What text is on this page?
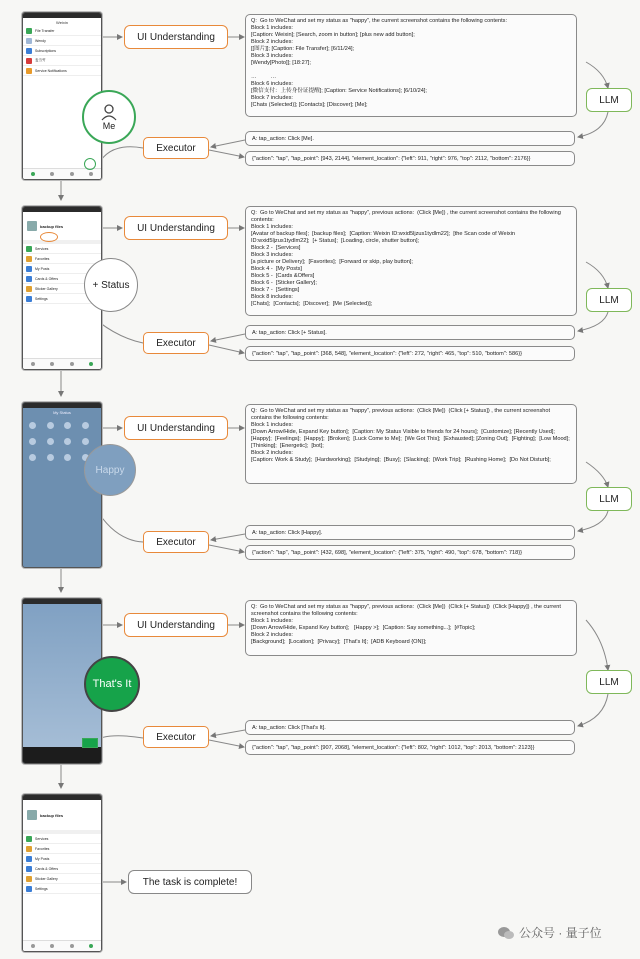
Weixin
File Transfer
Wendy
Subscriptions
麦当劳
Service Notifications
Me
UI Understanding

Q:  Go to WeChat and set my status as "happy", the current screenshot contains the following contents:
Block 1 includes:
[Caption: Weixin]; [Search, zoom in button]; [plus new add button];
Block 2 includes:
[[图片]]; [Caption: File Transfer]; [6/11/24];
Block 3 includes:
[Wendy[Photo]]; [18:27];

…         …
Block 6 includes:
[微信支付：上传身份证提醒]; [Caption: Service Notifications]; [6/10/24];
Block 7 includes:
[Chats (Selected)]; [Contacts]; [Discover]; [Me];	LLM
A: tap_action: Click [Me].
Executor
{"action": "tap", "tap_point": [943, 2144], "element_location": {"left": 911, "right": 976, "top": 2112, "bottom": 2176}}
backup files
Services
Favorites
My Posts
Cards & Offers
Sticker Gallery
Settings
+ Status
UI Understanding

Q:  Go to WeChat and set my status as "happy", previous actions:  (Click [Me]) , the current screenshot contains the following contents:
Block 1 includes:
[Avatar of backup files];  [backup files];  [Caption: Weixin ID:wxid5ljzus1tydlm22];  [the Scan code of Weixin ID:wxid5ljzus1tydlm22];  [+ Status];  [Loading, circle, shutter button];
Block 2 -  [Services]
Block 3 includes:
[a picture or Delivery];  [Favorites];  [Forward or skip, play button];
Block 4 -  [My Posts]
Block 5 -  [Cards &Offers]
Block 6 -  [Sticker Gallery];
Block 7 -  [Settings]
Block 8 includes:
[Chats];  [Contacts];  [Discover];  [Me (Selected)];	LLM
A: tap_action: Click [+ Status].
Executor
{"action": "tap", "tap_point": [368, 548], "element_location": {"left": 272, "right": 465, "top": 510, "bottom": 586}}
My Status
Happy
UI Understanding

Q:  Go to WeChat and set my status as "happy", previous actions:  (Click [Me])  (Click [+ Status]) , the current screenshot contains the following contents:
Block 1 includes:
[Down Arrow/Hide, Expand Key button];  [Caption: My Status Visible to friends for 24 hours];  [Customize]; [Recently Used];  [Happy];  [Feelings];  [Happy];  [Broken];  [Luck Come to Me];  [We Got This];  [Exhausted]; [Zoning Out];  [Fighting];  [Low Mood];  [Thinking];  [Energetic];  [bot];
Block 2 includes:
[Caption: Work & Study];  [Hardworking];  [Studying];  [Busy];  [Slacking];  [Work Trip];  [Rushing Home];  [Do Not Disturb];

LLM
A: tap_action: Click [Happy].
Executor
{"action": "tap", "tap_point": [432, 698], "element_location": {"left": 375, "right": 490, "top": 678, "bottom": 718}}
That's It
UI Understanding

Q:  Go to WeChat and set my status as "happy", previous actions:  (Click [Me])  (Click [+ Status])  (Click [Happy]) , the current screenshot contains the following contents:
Block 1 includes:
[Down Arrow/Hide, Expand Key button];   [Happy >];  [Caption: Say something...];  [#Topic];
Block 2 includes:
[Background];  [Location];  [Privacy];  [That's It];  [ADB Keyboard {ON}];

LLM
A: tap_action: Click [That's It].
Executor
{"action": "tap", "tap_point": [907, 2068], "element_location": {"left": 802, "right": 1012, "top": 2013, "bottom": 2123}}
backup files
Services
Favorites
My Posts
Cards & Offers
Sticker Gallery
Settings
The task is complete!
公众号 · 量子位
